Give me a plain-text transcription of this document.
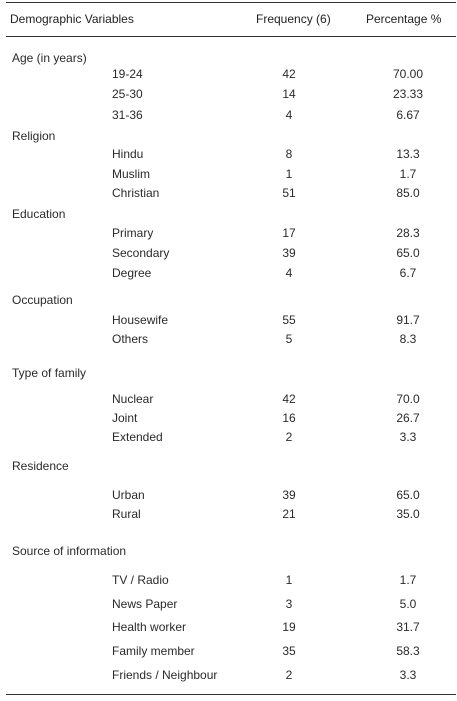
Demographic Variables	Frequency (6)	Percentage %
Age (in years)
19-24	42	70.00
25-30	14	23.33
31-36	4	6.67
Religion
Hindu	8	13.3
Muslim	1	1.7
Christian	51	85.0
Education
Primary	17	28.3
Secondary	39	65.0
Degree	4	6.7
Occupation
Housewife	55	91.7
Others	5	8.3
Type of family
Nuclear	42	70.0
Joint	16	26.7
Extended	2	3.3
Residence
Urban	39	65.0
Rural	21	35.0
Source of information
TV / Radio	1	1.7
News Paper	3	5.0
Health worker	19	31.7
Family member	35	58.3
Friends / Neighbour	2	3.3
